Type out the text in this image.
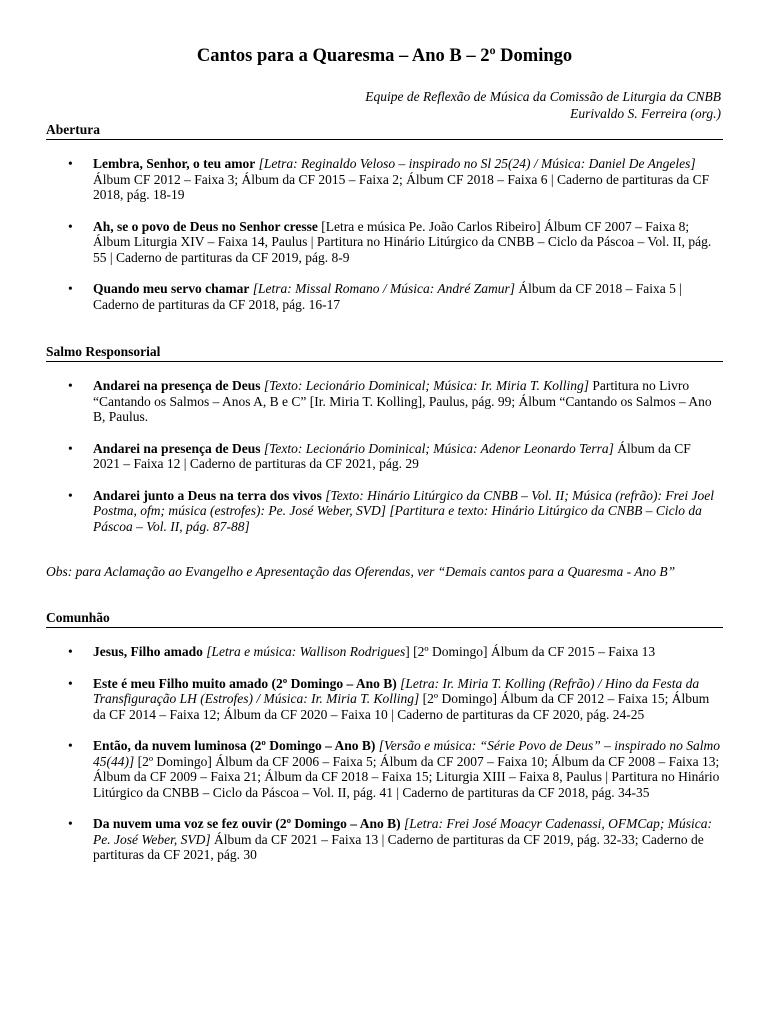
Cantos para a Quaresma – Ano B – 2º Domingo
Equipe de Reflexão de Música da Comissão de Liturgia da CNBB
Eurivaldo S. Ferreira (org.)
Abertura
• Lembra, Senhor, o teu amor [Letra: Reginaldo Veloso – inspirado no Sl 25(24) / Música: Daniel De Angeles] Álbum CF 2012 – Faixa 3; Álbum da CF 2015 – Faixa 2; Álbum CF 2018 – Faixa 6 | Caderno de partituras da CF 2018, pág. 18-19
• Ah, se o povo de Deus no Senhor cresse [Letra e música Pe. João Carlos Ribeiro] Álbum CF 2007 – Faixa 8; Álbum Liturgia XIV – Faixa 14, Paulus | Partitura no Hinário Litúrgico da CNBB – Ciclo da Páscoa – Vol. II, pág. 55 | Caderno de partituras da CF 2019, pág. 8-9
• Quando meu servo chamar [Letra: Missal Romano / Música: André Zamur] Álbum da CF 2018 – Faixa 5 | Caderno de partituras da CF 2018, pág. 16-17
Salmo Responsorial
• Andarei na presença de Deus [Texto: Lecionário Dominical; Música: Ir. Miria T. Kolling] Partitura no Livro “Cantando os Salmos – Anos A, B e C” [Ir. Miria T. Kolling], Paulus, pág. 99; Álbum “Cantando os Salmos – Ano B, Paulus.
• Andarei na presença de Deus [Texto: Lecionário Dominical; Música: Adenor Leonardo Terra] Álbum da CF 2021 – Faixa 12 | Caderno de partituras da CF 2021, pág. 29
• Andarei junto a Deus na terra dos vivos [Texto: Hinário Litúrgico da CNBB – Vol. II; Música (refrão): Frei Joel Postma, ofm; música (estrofes): Pe. José Weber, SVD] [Partitura e texto: Hinário Litúrgico da CNBB – Ciclo da Páscoa – Vol. II, pág. 87-88]
Obs: para Aclamação ao Evangelho e Apresentação das Oferendas, ver “Demais cantos para a Quaresma - Ano B”
Comunhão
• Jesus, Filho amado [Letra e música: Wallison Rodrigues] [2º Domingo] Álbum da CF 2015 – Faixa 13
• Este é meu Filho muito amado (2º Domingo – Ano B) [Letra: Ir. Miria T. Kolling (Refrão) / Hino da Festa da Transfiguração LH (Estrofes) / Música: Ir. Miria T. Kolling] [2º Domingo] Álbum da CF 2012 – Faixa 15; Álbum da CF 2014 – Faixa 12; Álbum da CF 2020 – Faixa 10 | Caderno de partituras da CF 2020, pág. 24-25
• Então, da nuvem luminosa (2º Domingo – Ano B) [Versão e música: “Série Povo de Deus” – inspirado no Salmo 45(44)] [2º Domingo] Álbum da CF 2006 – Faixa 5; Álbum da CF 2007 – Faixa 10; Álbum da CF 2008 – Faixa 13; Álbum da CF 2009 – Faixa 21; Álbum da CF 2018 – Faixa 15; Liturgia XIII – Faixa 8, Paulus | Partitura no Hinário Litúrgico da CNBB – Ciclo da Páscoa – Vol. II, pág. 41 | Caderno de partituras da CF 2018, pág. 34-35
• Da nuvem uma voz se fez ouvir (2º Domingo – Ano B) [Letra: Frei José Moacyr Cadenassi, OFMCap; Música: Pe. José Weber, SVD] Álbum da CF 2021 – Faixa 13 | Caderno de partituras da CF 2019, pág. 32-33; Caderno de partituras da CF 2021, pág. 30
